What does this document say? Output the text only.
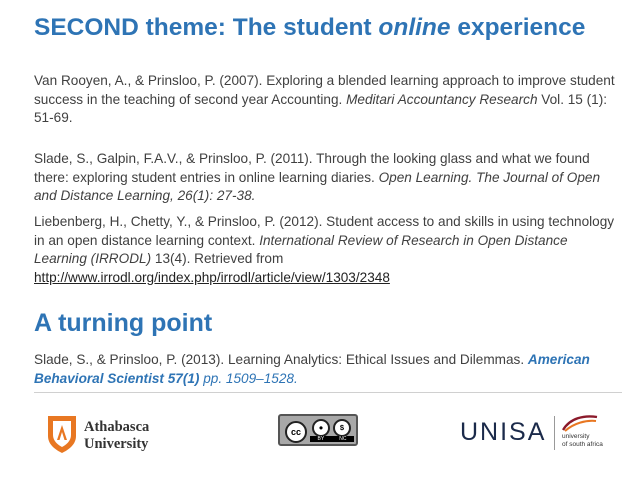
SECOND theme: The student online experience

Van Rooyen, A., & Prinsloo, P. (2007). Exploring a blended learning approach to improve student success in the teaching of second year Accounting. Meditari Accountancy Research Vol. 15 (1): 51-69.

Slade, S., Galpin, F.A.V., & Prinsloo, P. (2011). Through the looking glass and what we found there: exploring student entries in online learning diaries. Open Learning. The Journal of Open and Distance Learning, 26(1): 27-38.

Liebenberg, H., Chetty, Y., & Prinsloo, P. (2012). Student access to and skills in using technology in an open distance learning context. International Review of Research in Open Distance Learning (IRRODL) 13(4). Retrieved from http://www.irrodl.org/index.php/irrodl/article/view/1303/2348

A turning point

Slade, S., & Prinsloo, P. (2013). Learning Analytics: Ethical Issues and Dilemmas. American Behavioral Scientist 57(1) pp. 1509–1528.

Athabasca
University
cc	●	$
BY	NC	UNISA university
of south africa
